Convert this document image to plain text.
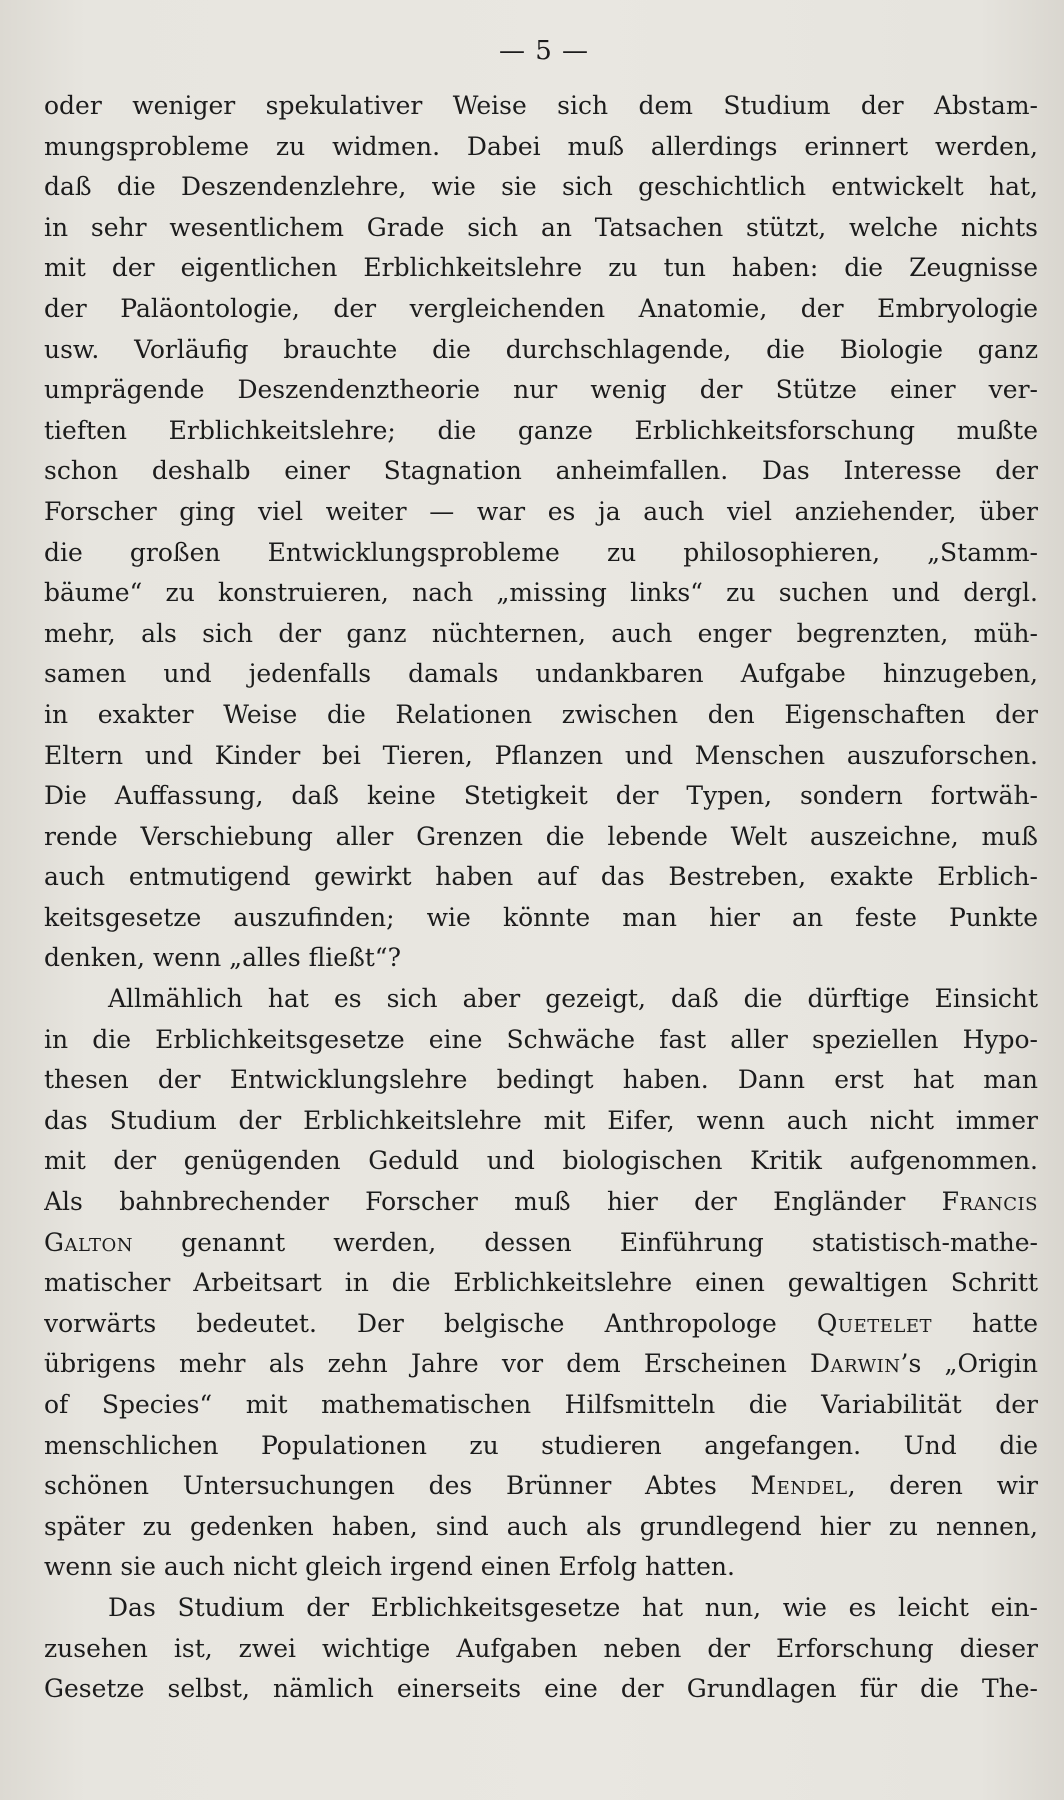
— 5 —
oder weniger spekulativer Weise sich dem Studium der Abstam-
mungsprobleme zu widmen. Dabei muß allerdings erinnert werden,
daß die Deszendenzlehre, wie sie sich geschichtlich entwickelt hat,
in sehr wesentlichem Grade sich an Tatsachen stützt, welche nichts
mit der eigentlichen Erblichkeitslehre zu tun haben: die Zeugnisse
der Paläontologie, der vergleichenden Anatomie, der Embryologie
usw. Vorläufig brauchte die durchschlagende, die Biologie ganz
umprägende Deszendenztheorie nur wenig der Stütze einer ver-
tieften Erblichkeitslehre; die ganze Erblichkeitsforschung mußte
schon deshalb einer Stagnation anheimfallen. Das Interesse der
Forscher ging viel weiter — war es ja auch viel anziehender, über
die großen Entwicklungsprobleme zu philosophieren, „Stamm-
bäume“ zu konstruieren, nach „missing links“ zu suchen und dergl.
mehr, als sich der ganz nüchternen, auch enger begrenzten, müh-
samen und jedenfalls damals undankbaren Aufgabe hinzugeben,
in exakter Weise die Relationen zwischen den Eigenschaften der
Eltern und Kinder bei Tieren, Pflanzen und Menschen auszuforschen.
Die Auffassung, daß keine Stetigkeit der Typen, sondern fortwäh-
rende Verschiebung aller Grenzen die lebende Welt auszeichne, muß
auch entmutigend gewirkt haben auf das Bestreben, exakte Erblich-
keitsgesetze auszufinden; wie könnte man hier an feste Punkte
denken, wenn „alles fließt“?
Allmählich hat es sich aber gezeigt, daß die dürftige Einsicht
in die Erblichkeitsgesetze eine Schwäche fast aller speziellen Hypo-
thesen der Entwicklungslehre bedingt haben. Dann erst hat man
das Studium der Erblichkeitslehre mit Eifer, wenn auch nicht immer
mit der genügenden Geduld und biologischen Kritik aufgenommen.
Als bahnbrechender Forscher muß hier der Engländer Francis
Galton genannt werden, dessen Einführung statistisch-mathe-
matischer Arbeitsart in die Erblichkeitslehre einen gewaltigen Schritt
vorwärts bedeutet. Der belgische Anthropologe Quetelet hatte
übrigens mehr als zehn Jahre vor dem Erscheinen Darwin’s „Origin
of Species“ mit mathematischen Hilfsmitteln die Variabilität der
menschlichen Populationen zu studieren angefangen. Und die
schönen Untersuchungen des Brünner Abtes Mendel, deren wir
später zu gedenken haben, sind auch als grundlegend hier zu nennen,
wenn sie auch nicht gleich irgend einen Erfolg hatten.
Das Studium der Erblichkeitsgesetze hat nun, wie es leicht ein-
zusehen ist, zwei wichtige Aufgaben neben der Erforschung dieser
Gesetze selbst, nämlich einerseits eine der Grundlagen für die The-
